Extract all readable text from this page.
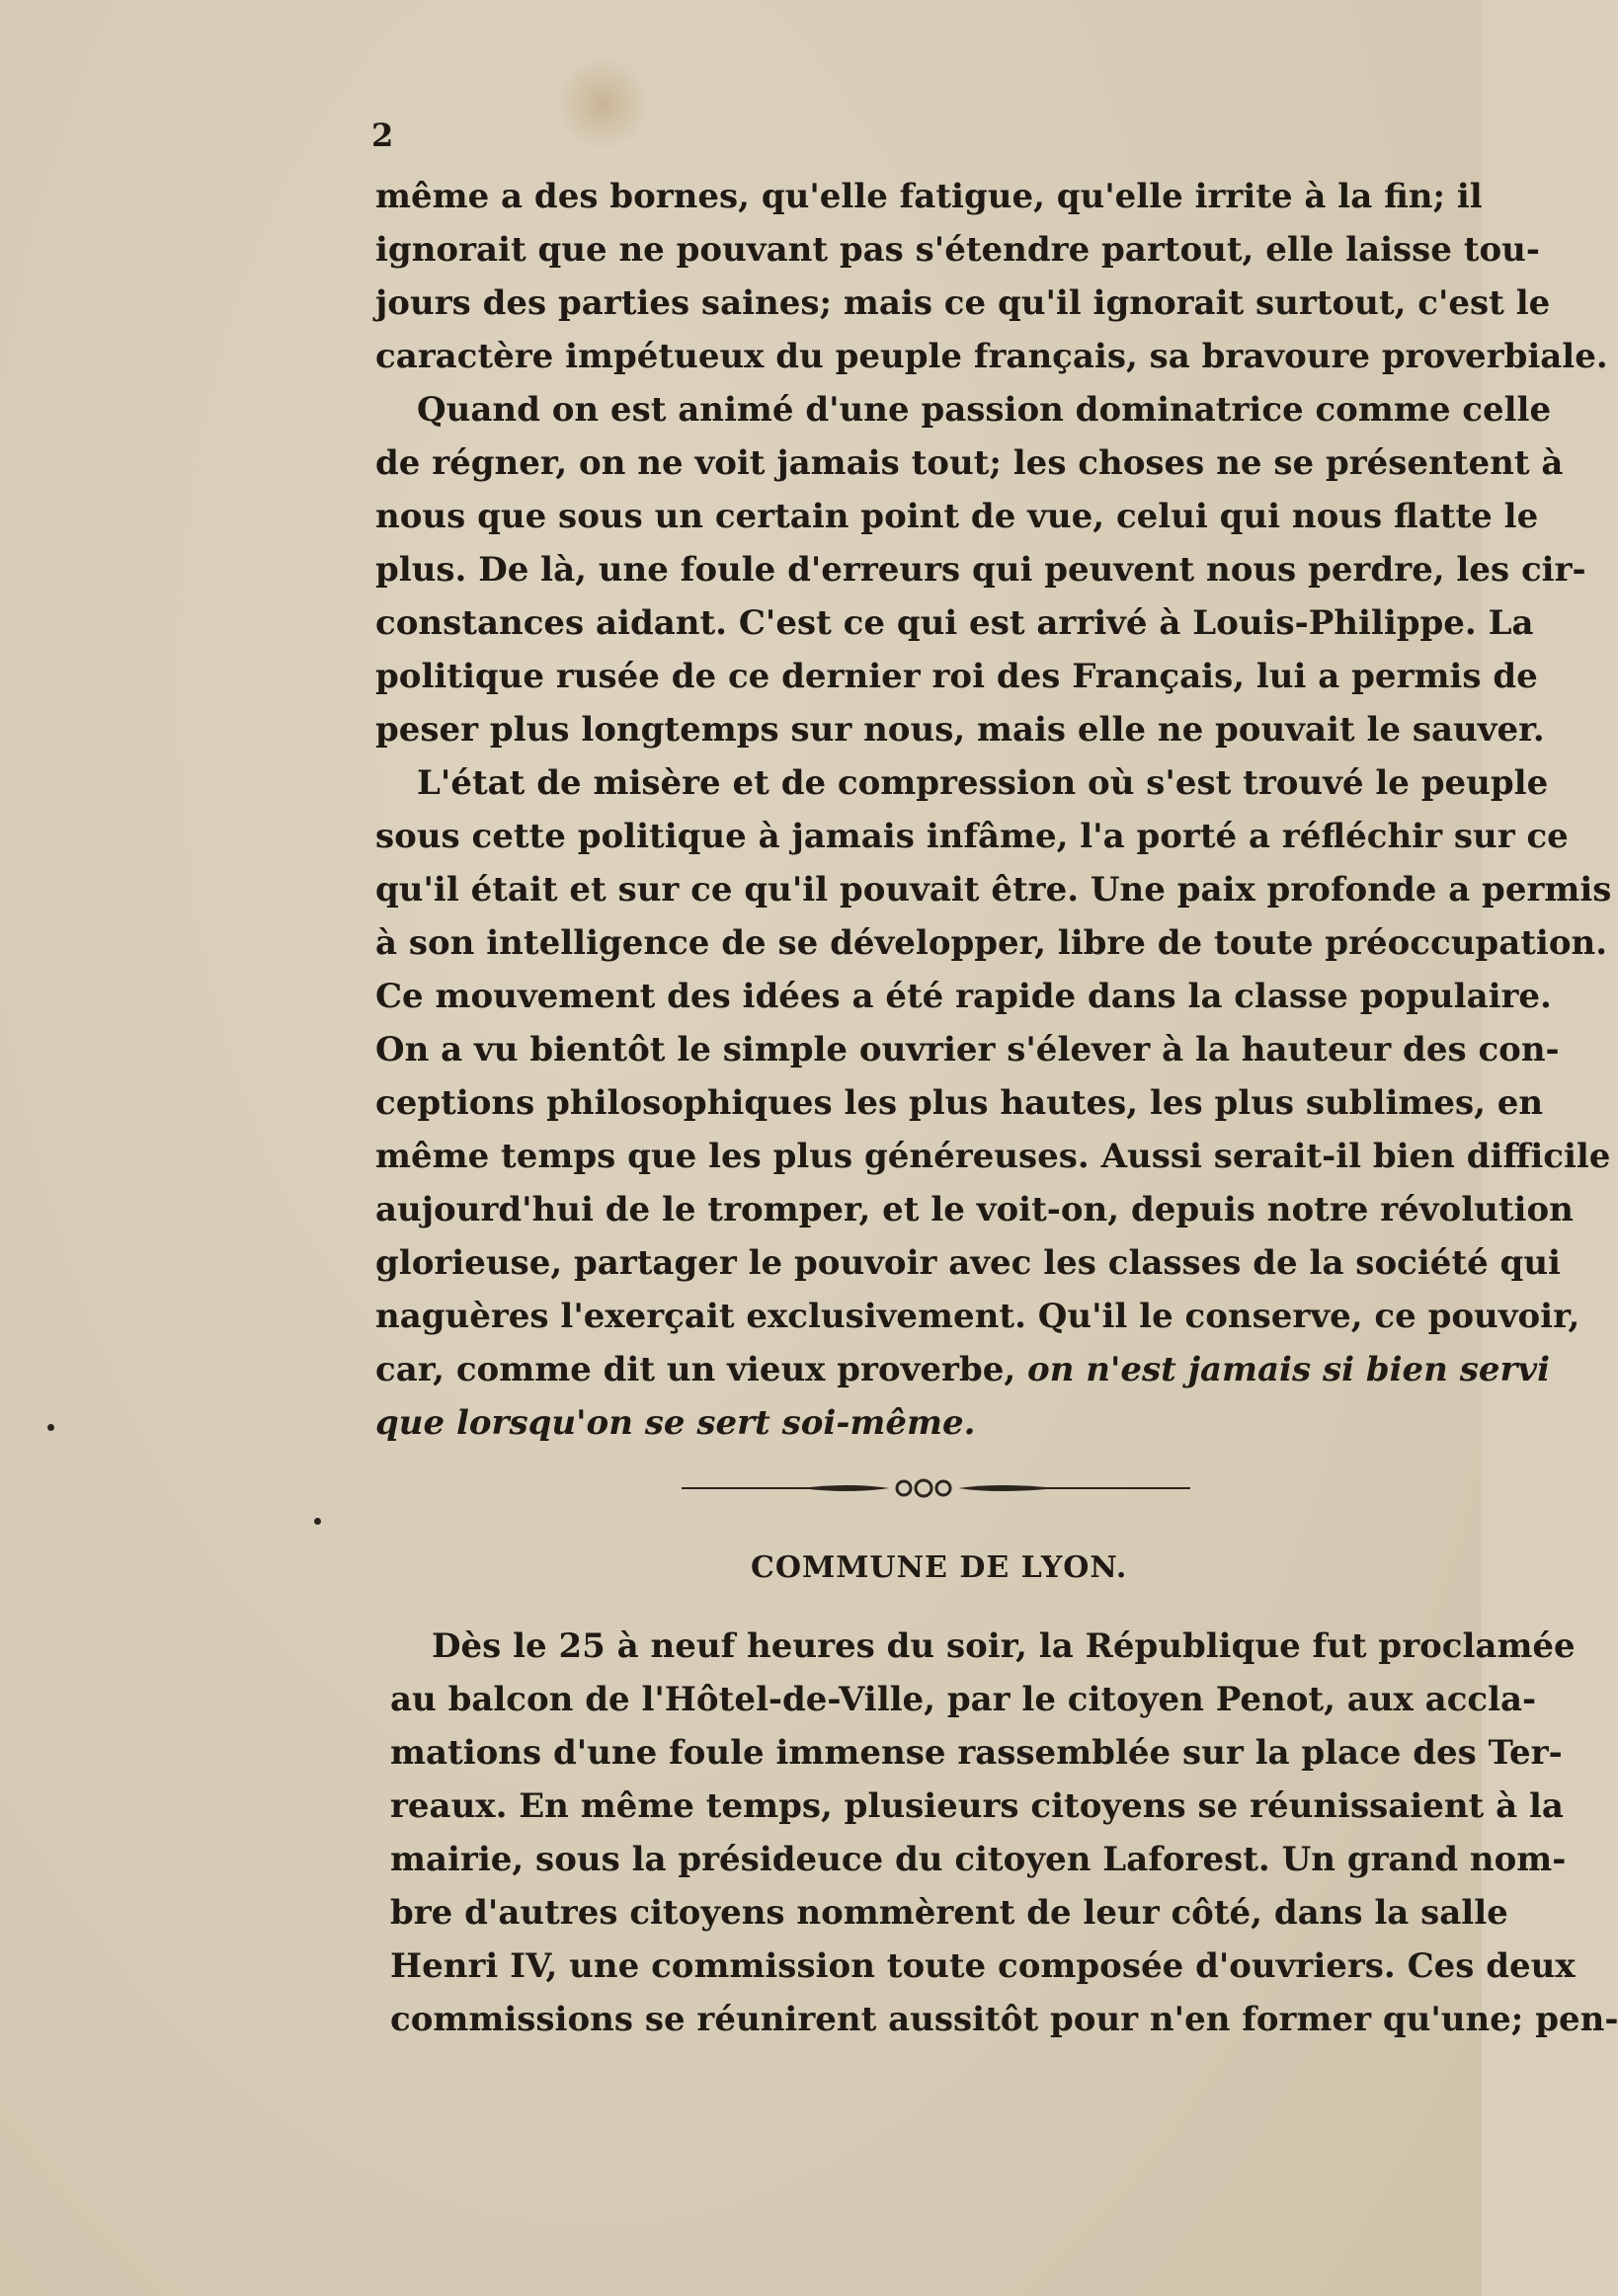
2
même a des bornes, qu'elle fatigue, qu'elle irrite à la fin; il
ignorait que ne pouvant pas s'étendre partout, elle laisse tou-
jours des parties saines; mais ce qu'il ignorait surtout, c'est le
caractère impétueux du peuple français, sa bravoure proverbiale.
Quand on est animé d'une passion dominatrice comme celle
de régner, on ne voit jamais tout; les choses ne se présentent à
nous que sous un certain point de vue, celui qui nous flatte le
plus. De là, une foule d'erreurs qui peuvent nous perdre, les cir-
constances aidant. C'est ce qui est arrivé à Louis-Philippe. La
politique rusée de ce dernier roi des Français, lui a permis de
peser plus longtemps sur nous, mais elle ne pouvait le sauver.
L'état de misère et de compression où s'est trouvé le peuple
sous cette politique à jamais infâme, l'a porté a réfléchir sur ce
qu'il était et sur ce qu'il pouvait être. Une paix profonde a permis
à son intelligence de se développer, libre de toute préoccupation.
Ce mouvement des idées a été rapide dans la classe populaire.
On a vu bientôt le simple ouvrier s'élever à la hauteur des con-
ceptions philosophiques les plus hautes, les plus sublimes, en
même temps que les plus généreuses. Aussi serait-il bien difficile
aujourd'hui de le tromper, et le voit-on, depuis notre révolution
glorieuse, partager le pouvoir avec les classes de la société qui
naguères l'exerçait exclusivement. Qu'il le conserve, ce pouvoir,
car, comme dit un vieux proverbe, on n'est jamais si bien servi
que lorsqu'on se sert soi-même.
COMMUNE DE LYON.
Dès le 25 à neuf heures du soir, la République fut proclamée
au balcon de l'Hôtel-de-Ville, par le citoyen Penot, aux accla-
mations d'une foule immense rassemblée sur la place des Ter-
reaux. En même temps, plusieurs citoyens se réunissaient à la
mairie, sous la présideuce du citoyen Laforest. Un grand nom-
bre d'autres citoyens nommèrent de leur côté, dans la salle
Henri IV, une commission toute composée d'ouvriers. Ces deux
commissions se réunirent aussitôt pour n'en former qu'une; pen-
